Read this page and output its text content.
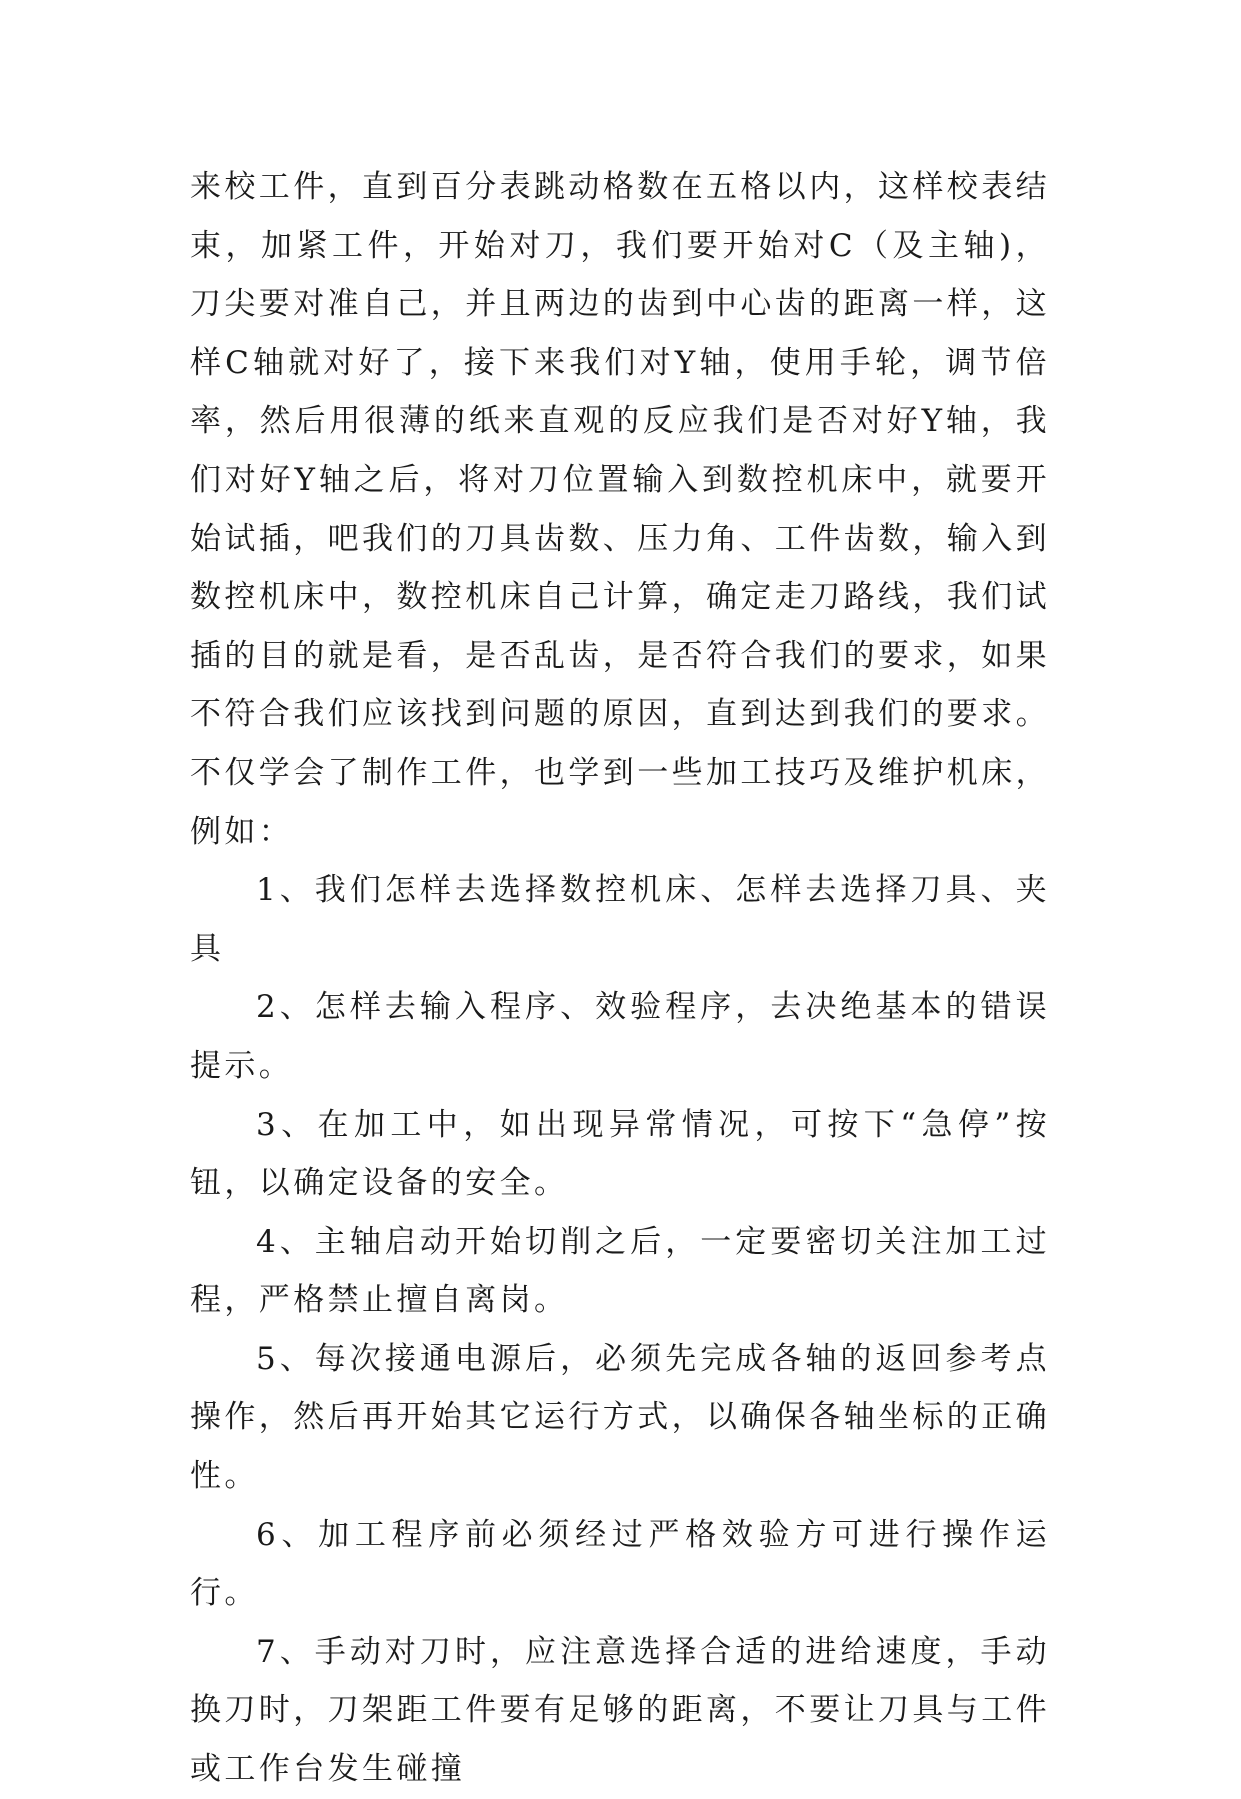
来校工件，直到百分表跳动格数在五格以内，这样校表结束，加紧工件，开始对刀，我们要开始对C（及主轴)，刀尖要对准自己，并且两边的齿到中心齿的距离一样，这样C轴就对好了，接下来我们对Y轴，使用手轮，调节倍率，然后用很薄的纸来直观的反应我们是否对好Y轴，我们对好Y轴之后，将对刀位置输入到数控机床中，就要开始试插，吧我们的刀具齿数、压力角、工件齿数，输入到数控机床中，数控机床自己计算，确定走刀路线，我们试插的目的就是看，是否乱齿，是否符合我们的要求，如果不符合我们应该找到问题的原因，直到达到我们的要求。不仅学会了制作工件，也学到一些加工技巧及维护机床，例如：

1、我们怎样去选择数控机床、怎样去选择刀具、夹具

2、怎样去输入程序、效验程序，去决绝基本的错误提示。

3、在加工中，如出现异常情况，可按下“急停”按钮，以确定设备的安全。

4、主轴启动开始切削之后，一定要密切关注加工过程，严格禁止擅自离岗。

5、每次接通电源后，必须先完成各轴的返回参考点操作，然后再开始其它运行方式，以确保各轴坐标的正确性。

6、加工程序前必须经过严格效验方可进行操作运行。

7、手动对刀时，应注意选择合适的进给速度，手动换刀时，刀架距工件要有足够的距离，不要让刀具与工件或工作台发生碰撞
